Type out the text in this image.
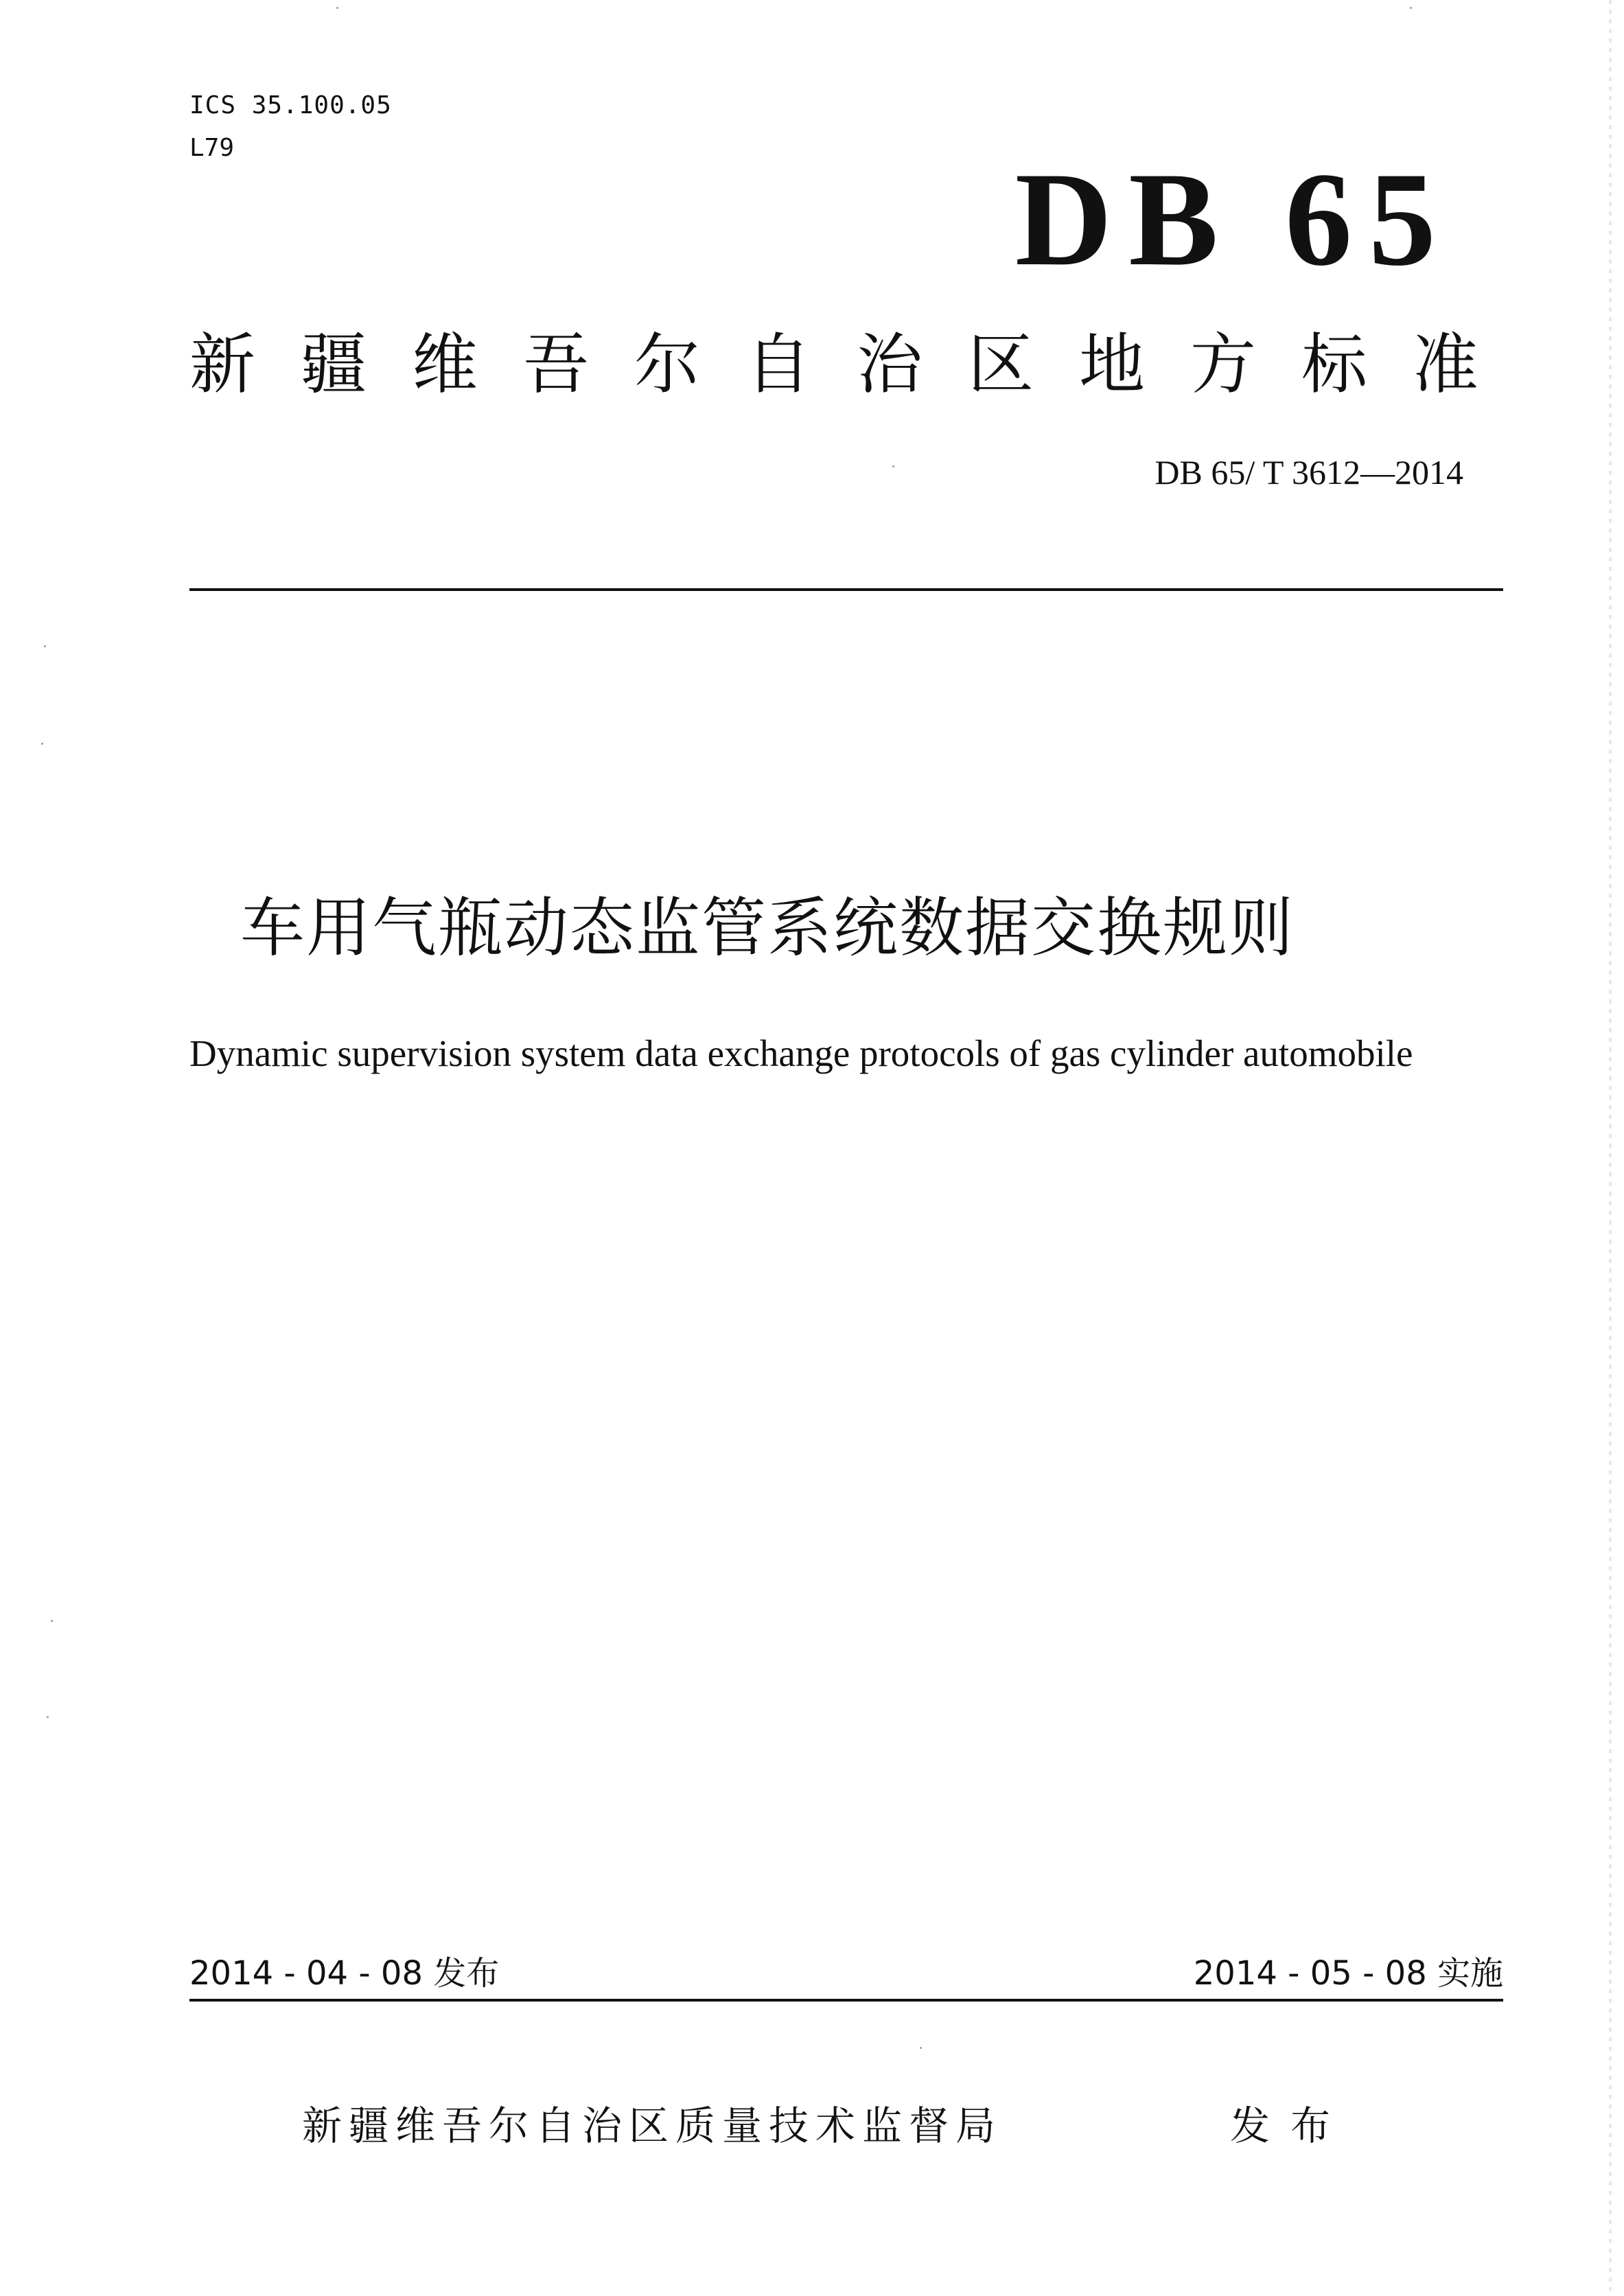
ICS 35.100.05
L79	DB 65
新疆维吾尔自治区地方标准
DB 65/ T 3612—2014
车用气瓶动态监管系统数据交换规则
Dynamic supervision system data exchange protocols of gas cylinder automobile
2014 - 04 - 08 发布	2014 - 05 - 08 实施
新疆维吾尔自治区质量技术监督局	发布
